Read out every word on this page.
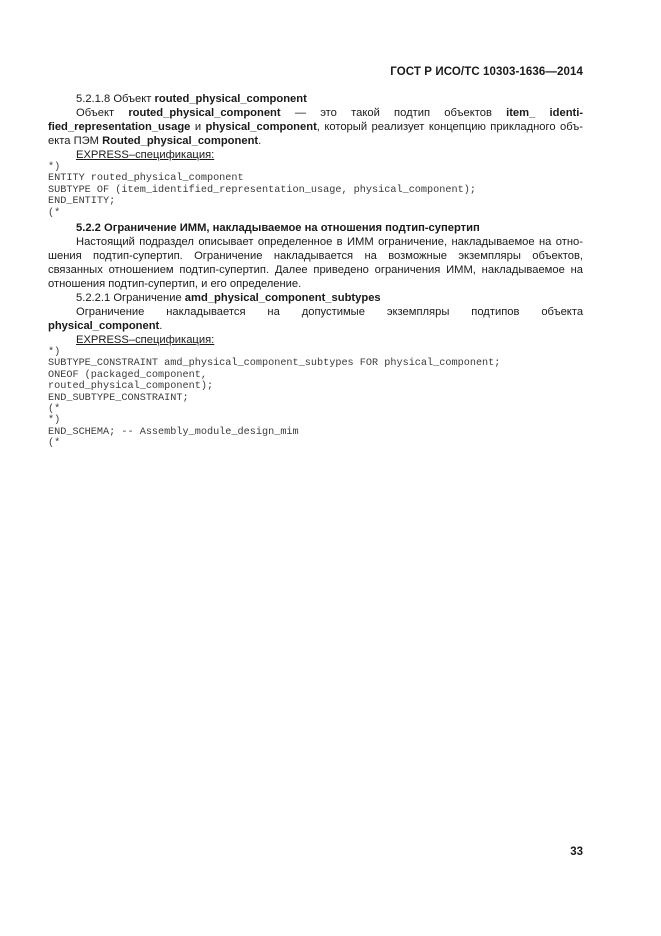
ГОСТ Р ИСО/ТС 10303-1636—2014
5.2.1.8 Объект routed_physical_component
Объект routed_physical_component — это такой подтип объектов item_ identi-
fied_representation_usage и physical_component, который реализует концепцию прикладного объ-екта ПЭМ Routed_physical_component.
EXPRESS–спецификация:
*)
ENTITY routed_physical_component
SUBTYPE OF (item_identified_representation_usage, physical_component);
END_ENTITY;
(*
5.2.2 Ограничение ИММ, накладываемое на отношения подтип-супертип
Настоящий подраздел описывает определенное в ИММ ограничение, накладываемое на отно-шения подтип-супертип. Ограничение накладывается на возможные экземпляры объектов, связанных отношением подтип-супертип. Далее приведено ограничения ИММ, накладываемое на отношения подтип-супертип, и его определение.
5.2.2.1 Ограничение amd_physical_component_subtypes
Ограничение накладывается на допустимые экземпляры подтипов объекта
physical_component.
EXPRESS–спецификация:
*)
SUBTYPE_CONSTRAINT amd_physical_component_subtypes FOR physical_component;
ONEOF (packaged_component,
routed_physical_component);
END_SUBTYPE_CONSTRAINT;
(*
*)
END_SCHEMA; -- Assembly_module_design_mim
(*
33
